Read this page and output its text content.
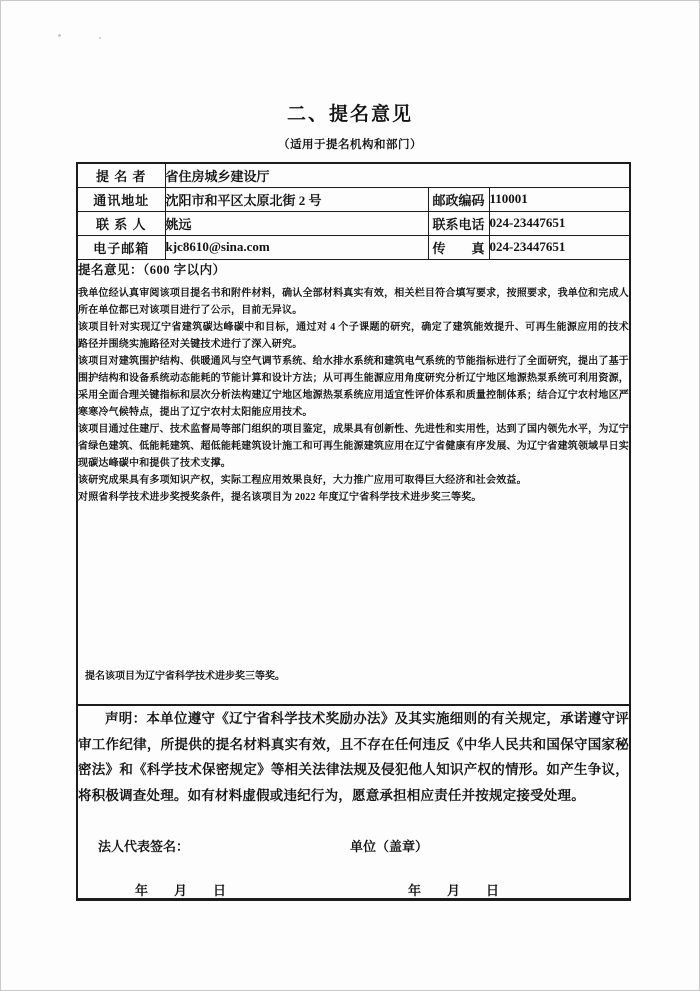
二、提名意见
（适用于提名机构和部门）
提 名 者	省住房城乡建设厅		
通讯地址	沈阳市和平区太原北街 2 号	邮政编码	110001
联 系 人	姚远	联系电话	024-23447651
电子邮箱	kjc8610@sina.com	传　　真	024-23447651

提名意见：（600 字以内）

我单位经认真审阅该项目提名书和附件材料，确认全部材料真实有效，相关栏目符合填写要求，按照要求，我单位和完成人所在单位都已对该项目进行了公示，目前无异议。

该项目针对实现辽宁省建筑碳达峰碳中和目标，通过对 4 个子课题的研究，确定了建筑能效提升、可再生能源应用的技术路径并围绕实施路径对关键技术进行了深入研究。

该项目对建筑围护结构、供暖通风与空气调节系统、给水排水系统和建筑电气系统的节能指标进行了全面研究，提出了基于围护结构和设备系统动态能耗的节能计算和设计方法；从可再生能源应用角度研究分析辽宁地区地源热泵系统可利用资源，采用全面合理关键指标和层次分析法构建辽宁地区地源热泵系统应用适宜性评价体系和质量控制体系；结合辽宁农村地区严寒寒冷气候特点，提出了辽宁农村太阳能应用技术。

该项目通过住建厅、技术监督局等部门组织的项目鉴定，成果具有创新性、先进性和实用性，达到了国内领先水平，为辽宁省绿色建筑、低能耗建筑、超低能耗建筑设计施工和可再生能源建筑应用在辽宁省健康有序发展、为辽宁省建筑领域早日实现碳达峰碳中和提供了技术支撑。

该研究成果具有多项知识产权，实际工程应用效果良好，大力推广应用可取得巨大经济和社会效益。

对照省科学技术进步奖授奖条件，提名该项目为 2022 年度辽宁省科学技术进步奖三等奖。

提名该项目为辽宁省科学技术进步奖三等奖。

声明：本单位遵守《辽宁省科学技术奖励办法》及其实施细则的有关规定，承诺遵守评审工作纪律，所提供的提名材料真实有效，且不存在任何违反《中华人民共和国保守国家秘密法》和《科学技术保密规定》等相关法律法规及侵犯他人知识产权的情形。如产生争议，将积极调查处理。如有材料虚假或违纪行为，愿意承担相应责任并按规定接受处理。

法人代表签名： 单位（盖章）
年　　月　　日 年　　月　　日			
